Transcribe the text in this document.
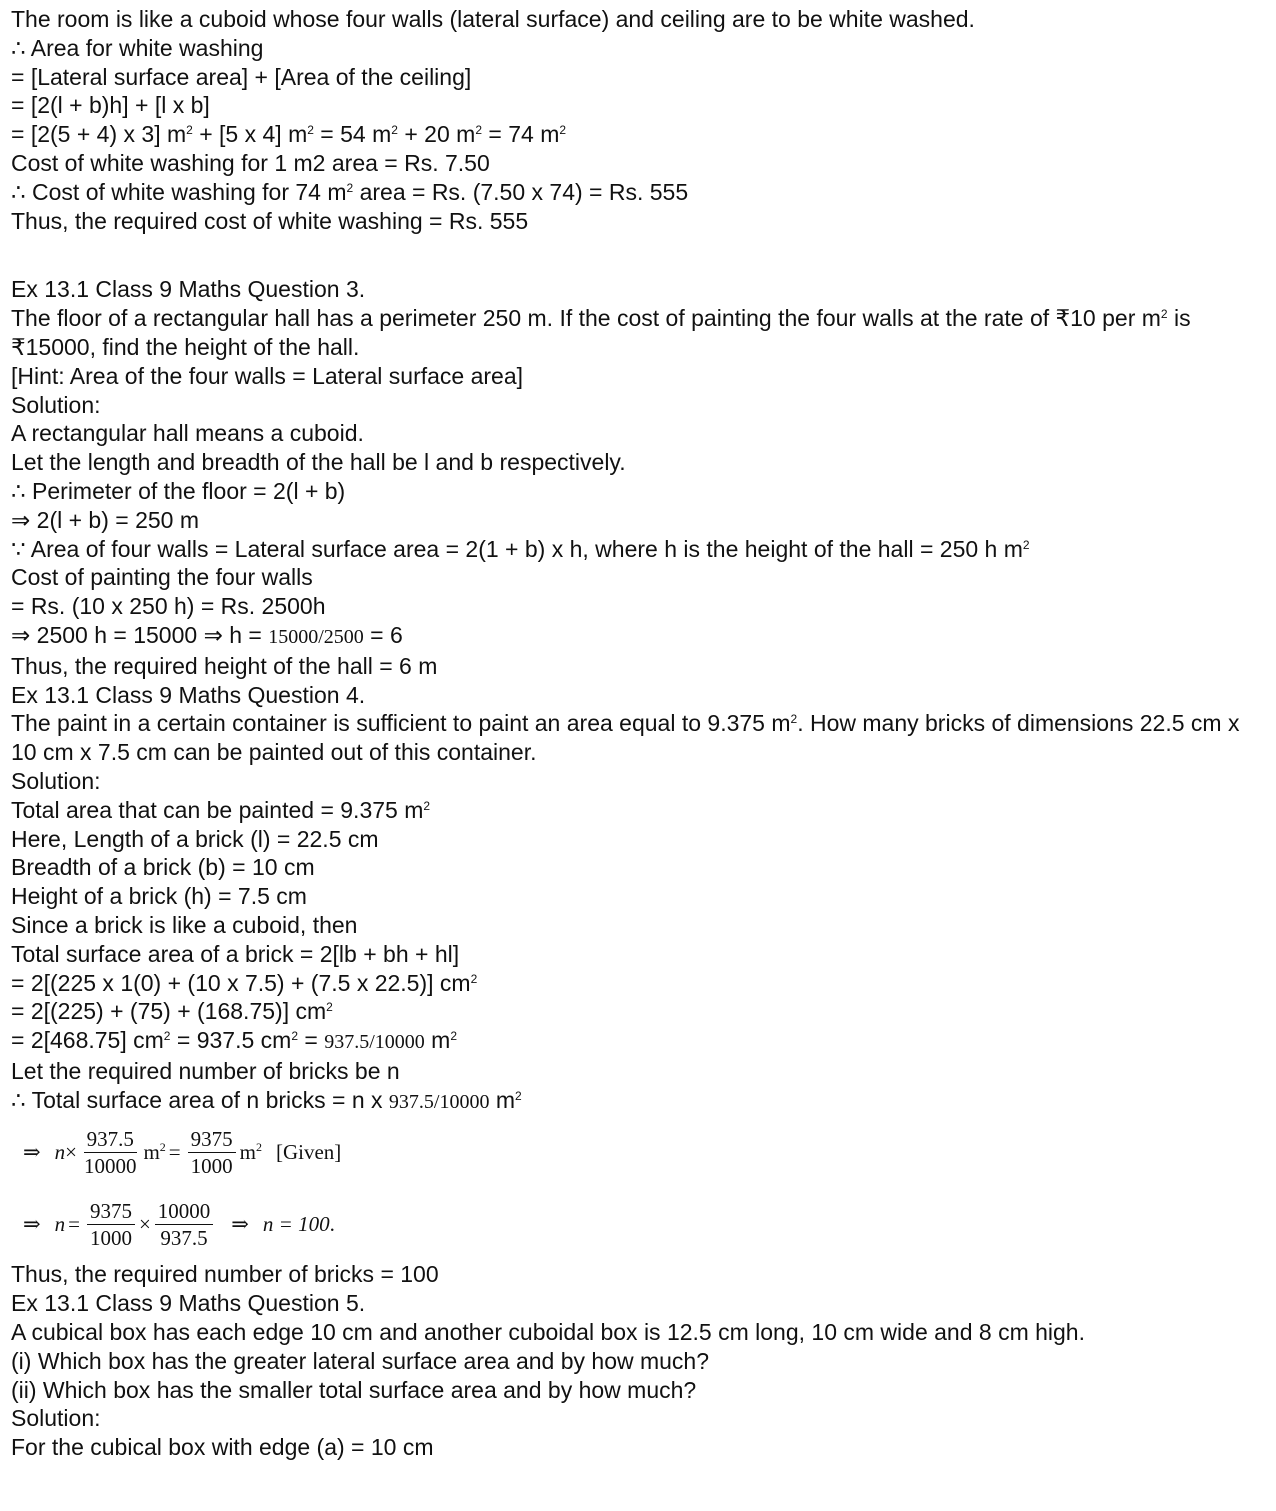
The room is like a cuboid whose four walls (lateral surface) and ceiling are to be white washed.

∴ Area for white washing

= [Lateral surface area] + [Area of the ceiling]

= [2(l + b)h] + [l x b]

= [2(5 + 4) x 3] $m^2 + [5$ x 4] $m^2 = 54$ $m^2 + 20$ $m^2 = 74$ $m^2$

Cost of white washing for 1 m2 area = Rs. 7.50

∴ Cost of white washing for 74 $m^2$ area = Rs. (7.50 x 74) = Rs. 555

Thus, the required cost of white washing = Rs. 555

Ex 13.1 Class 9 Maths Question 3.

The floor of a rectangular hall has a perimeter 250 m. If the cost of painting the four walls at the rate of ₹10 per $m^2$ is ₹15000, find the height of the hall.

[Hint: Area of the four walls = Lateral surface area]

Solution:

A rectangular hall means a cuboid.

Let the length and breadth of the hall be l and b respectively.

∴ Perimeter of the floor = 2(l + b)

⇒ 2(l + b) = 250 m

∵ Area of four walls = Lateral surface area = 2(1 + b) x h, where h is the height of the hall = 250 h $m^2$

Cost of painting the four walls

= Rs. (10 x 250 h) = Rs. 2500h

⇒ 2500 h = 15000 ⇒ h = 15000/2500 = 6

Thus, the required height of the hall = 6 m

Ex 13.1 Class 9 Maths Question 4.

The paint in a certain container is sufficient to paint an area equal to 9.375 $m^2$. How many bricks of dimensions 22.5 cm x 10 cm x 7.5 cm can be painted out of this container.

Solution:

Total area that can be painted = 9.375 $m^2$

Here, Length of a brick (l) = 22.5 cm

Breadth of a brick (b) = 10 cm

Height of a brick (h) = 7.5 cm

Since a brick is like a cuboid, then

Total surface area of a brick = 2[lb + bh + hl]

= 2[(225 x 1(0) + (10 x 7.5) + (7.5 x 22.5)] $cm^2$

= 2[(225) + (75) + (168.75)] $cm^2$

= 2[468.75] $cm^2 = 937.5$ $cm^2 = 937.5/10000$ $m^2$

Let the required number of bricks be n

∴ Total surface area of n bricks = n x 937.5/10000 $m^2$

⇒ $n \times \frac{937.5}{10000} m^2 = \frac{9375}{1000} m^2$ [Given]
⇒ $n = \frac{9375}{1000} \times \frac{10000}{937.5}$ ⇒ n = 100 .

Thus, the required number of bricks = 100

Ex 13.1 Class 9 Maths Question 5.

A cubical box has each edge 10 cm and another cuboidal box is 12.5 cm long, 10 cm wide and 8 cm high.

(i) Which box has the greater lateral surface area and by how much?

(ii) Which box has the smaller total surface area and by how much?

Solution:

For the cubical box with edge (a) = 10 cm
